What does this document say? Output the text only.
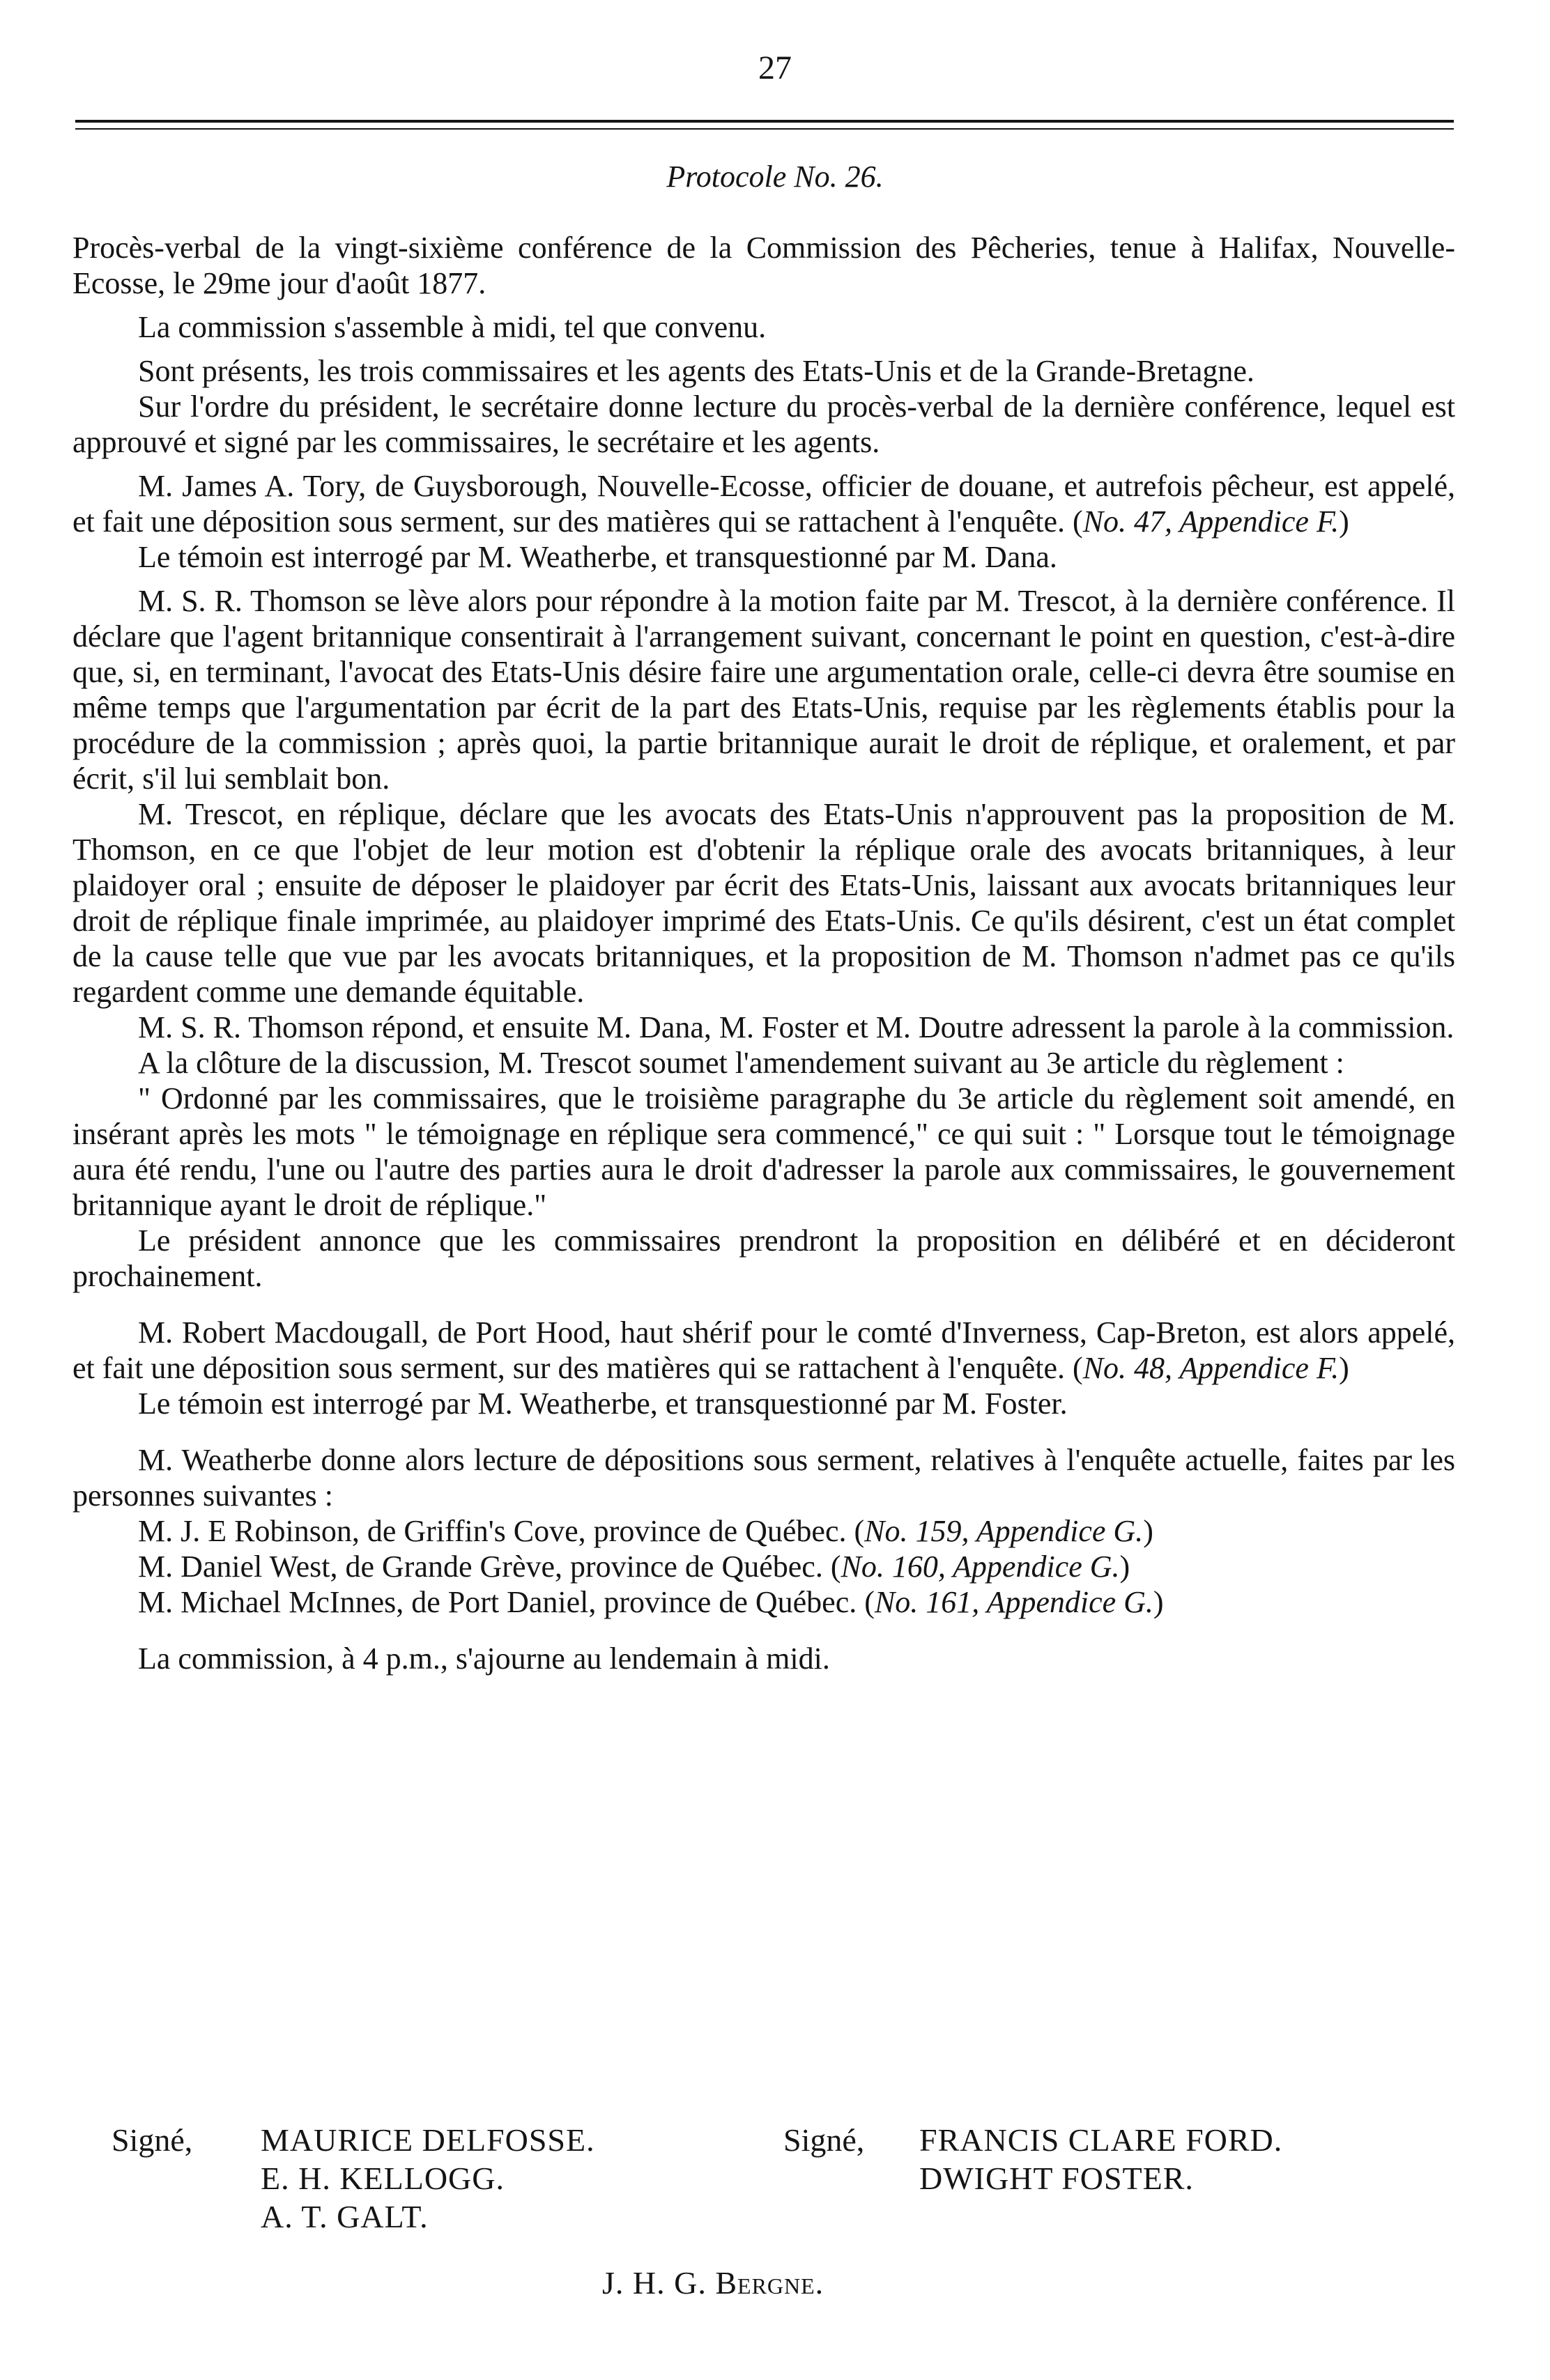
27
Protocole No. 26.

Procès-verbal de la vingt-sixième conférence de la Commission des Pêcheries, tenue à Halifax, Nouvelle-Ecosse, le 29me jour d'août 1877.

La commission s'assemble à midi, tel que convenu.

Sont présents, les trois commissaires et les agents des Etats-Unis et de la Grande-Bretagne.

Sur l'ordre du président, le secrétaire donne lecture du procès-verbal de la dernière conférence, lequel est approuvé et signé par les commissaires, le secrétaire et les agents.

M. James A. Tory, de Guysborough, Nouvelle-Ecosse, officier de douane, et autrefois pêcheur, est appelé, et fait une déposition sous serment, sur des matières qui se rattachent à l'enquête. (No. 47, Appendice F.)

Le témoin est interrogé par M. Weatherbe, et transquestionné par M. Dana.

M. S. R. Thomson se lève alors pour répondre à la motion faite par M. Trescot, à la dernière conférence. Il déclare que l'agent britannique consentirait à l'arrangement suivant, concernant le point en question, c'est-à-dire que, si, en terminant, l'avocat des Etats-Unis désire faire une argumentation orale, celle-ci devra être soumise en même temps que l'argumentation par écrit de la part des Etats-Unis, requise par les règlements établis pour la procédure de la commission ; après quoi, la partie britannique aurait le droit de réplique, et oralement, et par écrit, s'il lui semblait bon.

M. Trescot, en réplique, déclare que les avocats des Etats-Unis n'approuvent pas la proposition de M. Thomson, en ce que l'objet de leur motion est d'obtenir la réplique orale des avocats britanniques, à leur plaidoyer oral ; ensuite de déposer le plaidoyer par écrit des Etats-Unis, laissant aux avocats britanniques leur droit de réplique finale imprimée, au plaidoyer imprimé des Etats-Unis. Ce qu'ils désirent, c'est un état complet de la cause telle que vue par les avocats britanniques, et la proposition de M. Thomson n'admet pas ce qu'ils regardent comme une demande équitable.

M. S. R. Thomson répond, et ensuite M. Dana, M. Foster et M. Doutre adressent la parole à la commission.

A la clôture de la discussion, M. Trescot soumet l'amendement suivant au 3e article du règlement :

" Ordonné par les commissaires, que le troisième paragraphe du 3e article du règlement soit amendé, en insérant après les mots " le témoignage en réplique sera commencé," ce qui suit : " Lorsque tout le témoignage aura été rendu, l'une ou l'autre des parties aura le droit d'adresser la parole aux commissaires, le gouvernement britannique ayant le droit de réplique."

Le président annonce que les commissaires prendront la proposition en délibéré et en décideront prochainement.

M. Robert Macdougall, de Port Hood, haut shérif pour le comté d'Inverness, Cap-Breton, est alors appelé, et fait une déposition sous serment, sur des matières qui se rattachent à l'enquête. (No. 48, Appendice F.)

Le témoin est interrogé par M. Weatherbe, et transquestionné par M. Foster.

M. Weatherbe donne alors lecture de dépositions sous serment, relatives à l'enquête actuelle, faites par les personnes suivantes :

M. J. E Robinson, de Griffin's Cove, province de Québec. (No. 159, Appendice G.)

M. Daniel West, de Grande Grève, province de Québec. (No. 160, Appendice G.)

M. Michael McInnes, de Port Daniel, province de Québec. (No. 161, Appendice G.)

La commission, à 4 p.m., s'ajourne au lendemain à midi.

Signé, MAURICE DELFOSSE.
E. H. KELLOGG.
A. T. GALT.
Signé, FRANCIS CLARE FORD.
DWIGHT FOSTER.
J. H. G. Bergne.
